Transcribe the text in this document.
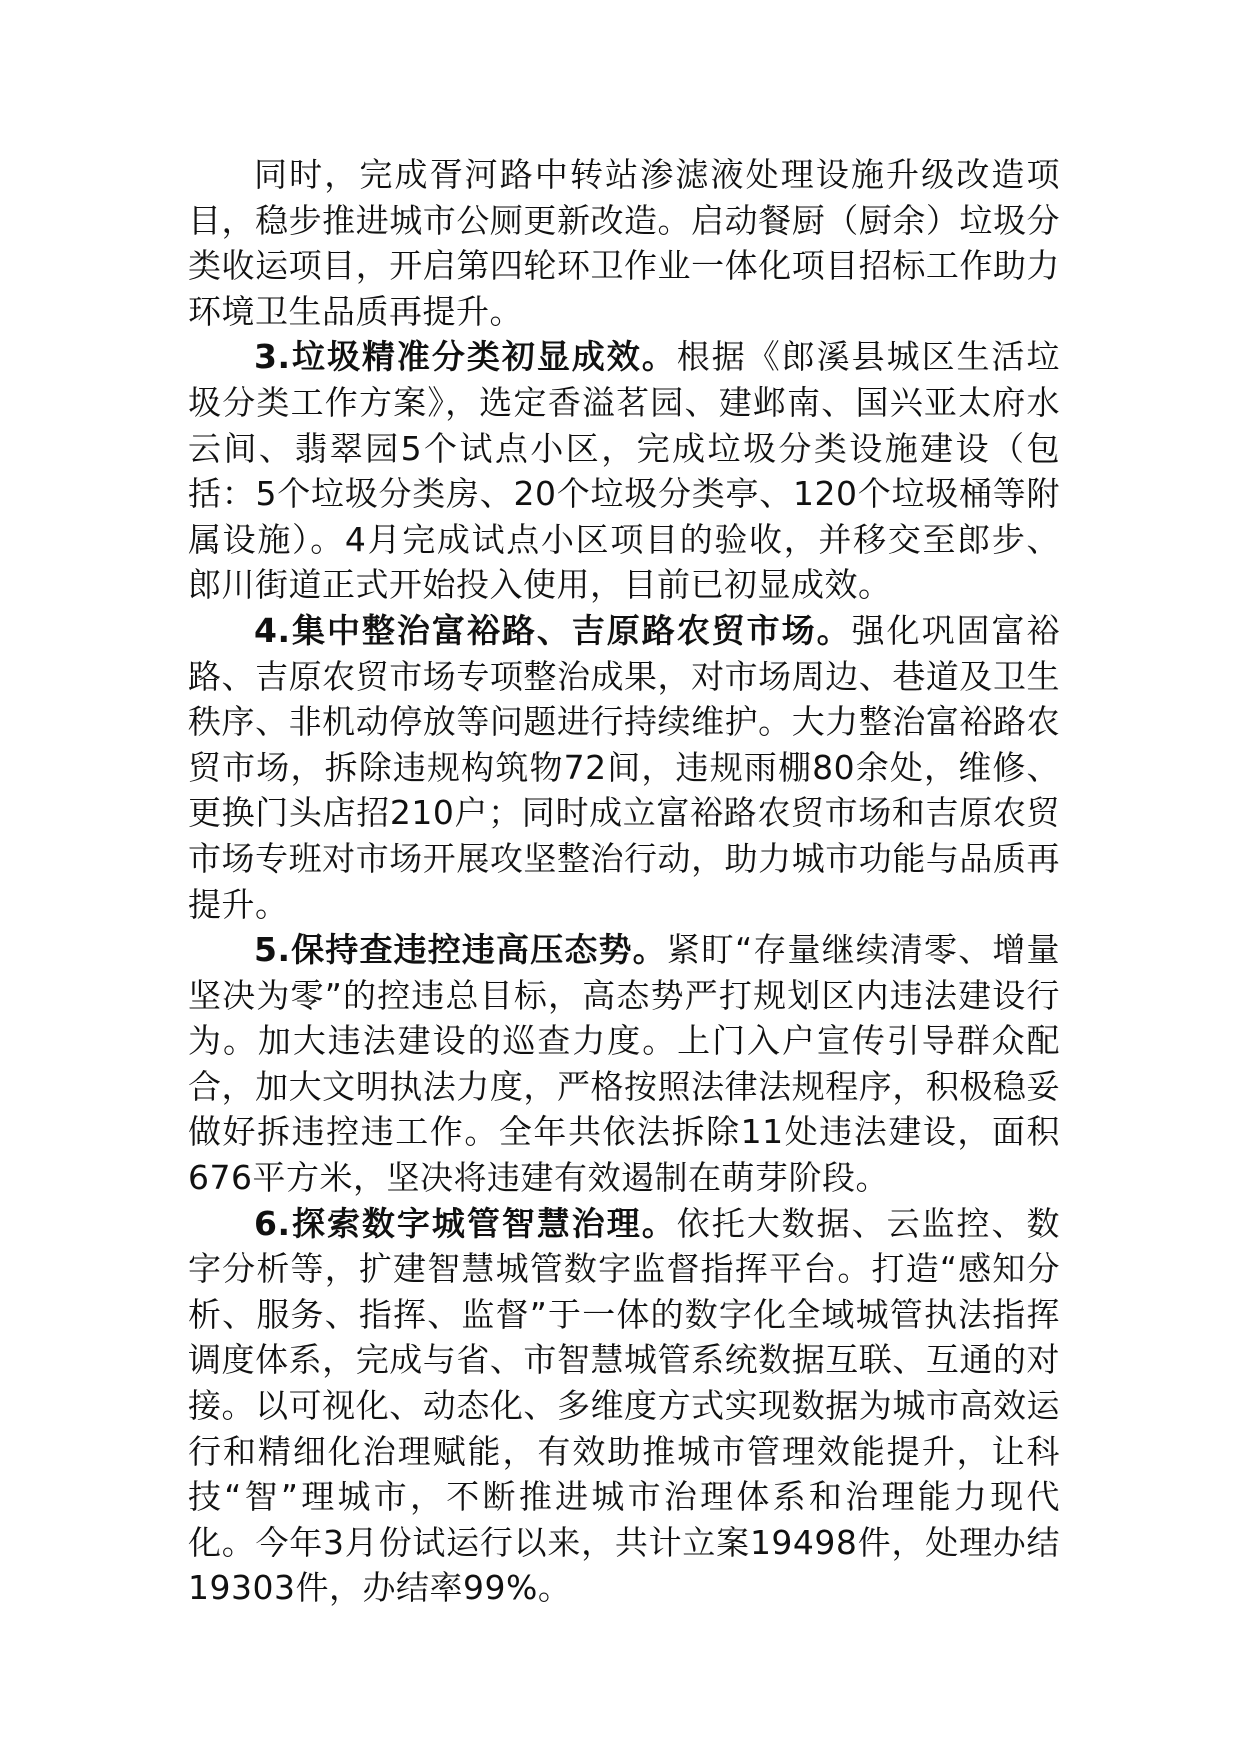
同时，完成胥河路中转站渗滤液处理设施升级改造项目，稳步推进城市公厕更新改造。启动餐厨（厨余）垃圾分类收运项目，开启第四轮环卫作业一体化项目招标工作助力环境卫生品质再提升。

3.垃圾精准分类初显成效。根据《郎溪县城区生活垃圾分类工作方案》，选定香溢茗园、建邺南、国兴亚太府水云间、翡翠园5个试点小区，完成垃圾分类设施建设（包括：5个垃圾分类房、20个垃圾分类亭、120个垃圾桶等附属设施）。4月完成试点小区项目的验收，并移交至郎步、郎川街道正式开始投入使用，目前已初显成效。

4.集中整治富裕路、吉原路农贸市场。强化巩固富裕路、吉原农贸市场专项整治成果，对市场周边、巷道及卫生秩序、非机动停放等问题进行持续维护。大力整治富裕路农贸市场，拆除违规构筑物72间，违规雨棚80余处，维修、更换门头店招210户；同时成立富裕路农贸市场和吉原农贸市场专班对市场开展攻坚整治行动，助力城市功能与品质再提升。

5.保持查违控违高压态势。紧盯“存量继续清零、增量坚决为零”的控违总目标，高态势严打规划区内违法建设行为。加大违法建设的巡查力度。上门入户宣传引导群众配合，加大文明执法力度，严格按照法律法规程序，积极稳妥做好拆违控违工作。全年共依法拆除11处违法建设，面积676平方米，坚决将违建有效遏制在萌芽阶段。

6.探索数字城管智慧治理。依托大数据、云监控、数字分析等，扩建智慧城管数字监督指挥平台。打造“感知分析、服务、指挥、监督”于一体的数字化全域城管执法指挥调度体系，完成与省、市智慧城管系统数据互联、互通的对接。以可视化、动态化、多维度方式实现数据为城市高效运行和精细化治理赋能，有效助推城市管理效能提升，让科技“智”理城市，不断推进城市治理体系和治理能力现代化。今年3月份试运行以来，共计立案19498件，处理办结19303件，办结率99%。
